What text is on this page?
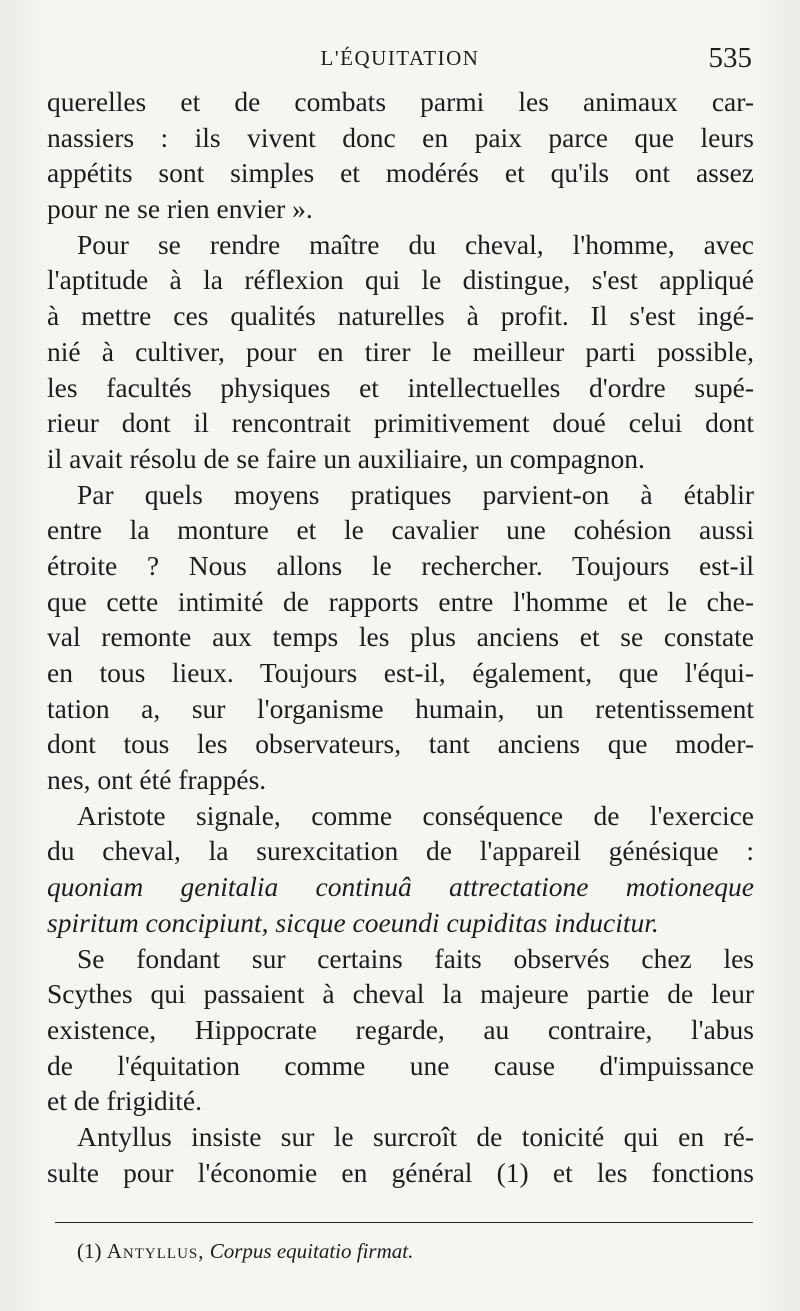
L'ÉQUITATION	535
querelles et de combats parmi les animaux car-
nassiers : ils vivent donc en paix parce que leurs
appétits sont simples et modérés et qu'ils ont assez
pour ne se rien envier ».
Pour se rendre maître du cheval, l'homme, avec
l'aptitude à la réflexion qui le distingue, s'est appliqué
à mettre ces qualités naturelles à profit. Il s'est ingé-
nié à cultiver, pour en tirer le meilleur parti possible,
les facultés physiques et intellectuelles d'ordre supé-
rieur dont il rencontrait primitivement doué celui dont
il avait résolu de se faire un auxiliaire, un compagnon.
Par quels moyens pratiques parvient-on à établir
entre la monture et le cavalier une cohésion aussi
étroite ? Nous allons le rechercher. Toujours est-il
que cette intimité de rapports entre l'homme et le che-
val remonte aux temps les plus anciens et se constate
en tous lieux. Toujours est-il, également, que l'équi-
tation a, sur l'organisme humain, un retentissement
dont tous les observateurs, tant anciens que moder-
nes, ont été frappés.
Aristote signale, comme conséquence de l'exercice
du cheval, la surexcitation de l'appareil génésique :
quoniam genitalia continuâ attrectatione motioneque
spiritum concipiunt, sicque coeundi cupiditas inducitur.
Se fondant sur certains faits observés chez les
Scythes qui passaient à cheval la majeure partie de leur
existence, Hippocrate regarde, au contraire, l'abus
de l'équitation comme une cause d'impuissance
et de frigidité.
Antyllus insiste sur le surcroît de tonicité qui en ré-
sulte pour l'économie en général (1) et les fonctions
(1) Antyllus, Corpus equitatio firmat.
